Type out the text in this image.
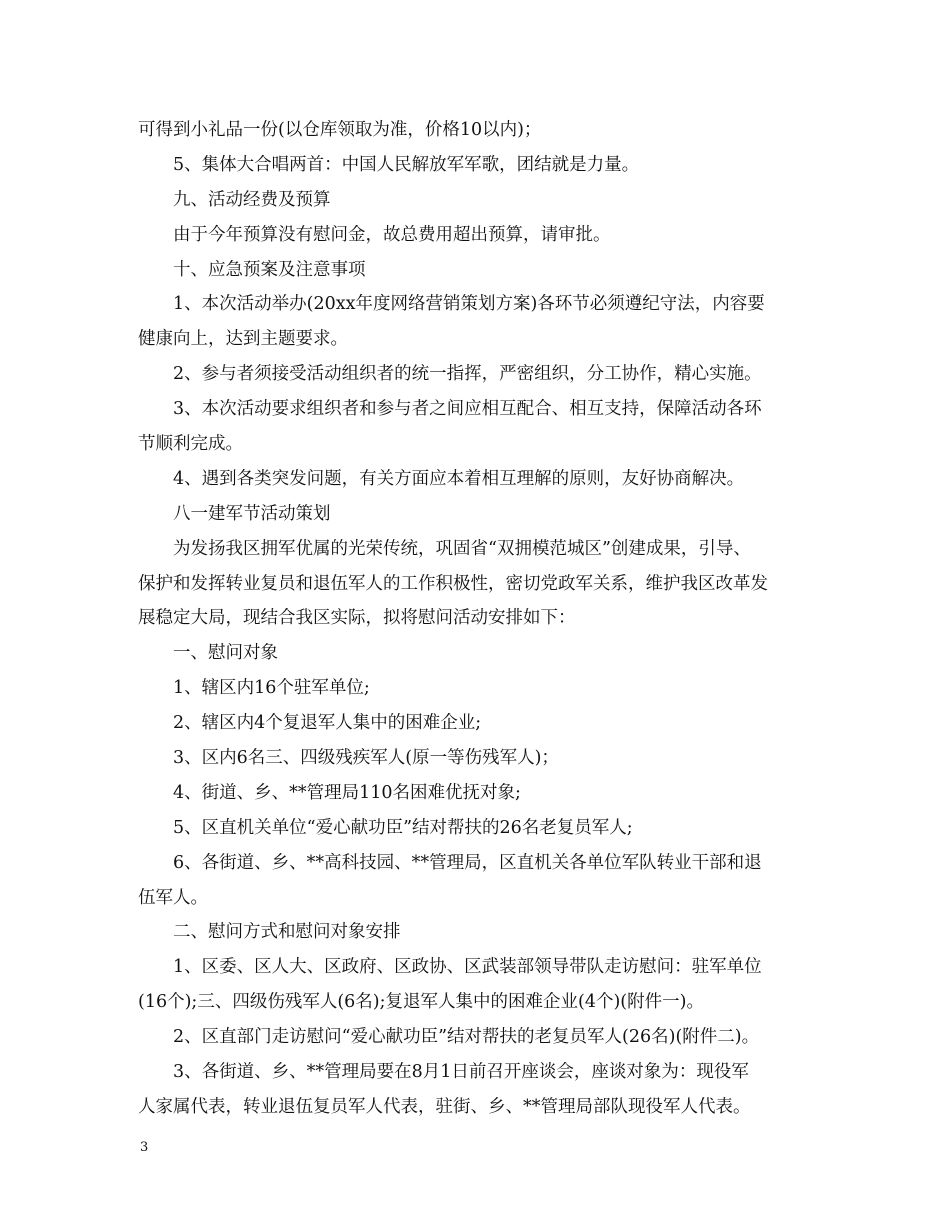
可得到小礼品一份(以仓库领取为准，价格10以内)；
5、集体大合唱两首：中国人民解放军军歌，团结就是力量。
九、活动经费及预算
由于今年预算没有慰问金，故总费用超出预算，请审批。
十、应急预案及注意事项
1、本次活动举办(20xx年度网络营销策划方案)各环节必须遵纪守法，内容要
健康向上，达到主题要求。
2、参与者须接受活动组织者的统一指挥，严密组织，分工协作，精心实施。
3、本次活动要求组织者和参与者之间应相互配合、相互支持，保障活动各环
节顺利完成。
4、遇到各类突发问题，有关方面应本着相互理解的原则，友好协商解决。
八一建军节活动策划
为发扬我区拥军优属的光荣传统，巩固省“双拥模范城区”创建成果，引导、
保护和发挥转业复员和退伍军人的工作积极性，密切党政军关系，维护我区改革发
展稳定大局，现结合我区实际，拟将慰问活动安排如下：
一、慰问对象
1、辖区内16个驻军单位;
2、辖区内4个复退军人集中的困难企业;
3、区内6名三、四级残疾军人(原一等伤残军人)；
4、街道、乡、**管理局110名困难优抚对象;
5、区直机关单位“爱心献功臣”结对帮扶的26名老复员军人;
6、各街道、乡、**高科技园、**管理局，区直机关各单位军队转业干部和退
伍军人。
二、慰问方式和慰问对象安排
1、区委、区人大、区政府、区政协、区武装部领导带队走访慰问：驻军单位
(16个);三、四级伤残军人(6名);复退军人集中的困难企业(4个)(附件一)。
2、区直部门走访慰问“爱心献功臣”结对帮扶的老复员军人(26名)(附件二)。
3、各街道、乡、**管理局要在8月1日前召开座谈会，座谈对象为：现役军
人家属代表，转业退伍复员军人代表，驻街、乡、**管理局部队现役军人代表。
3
